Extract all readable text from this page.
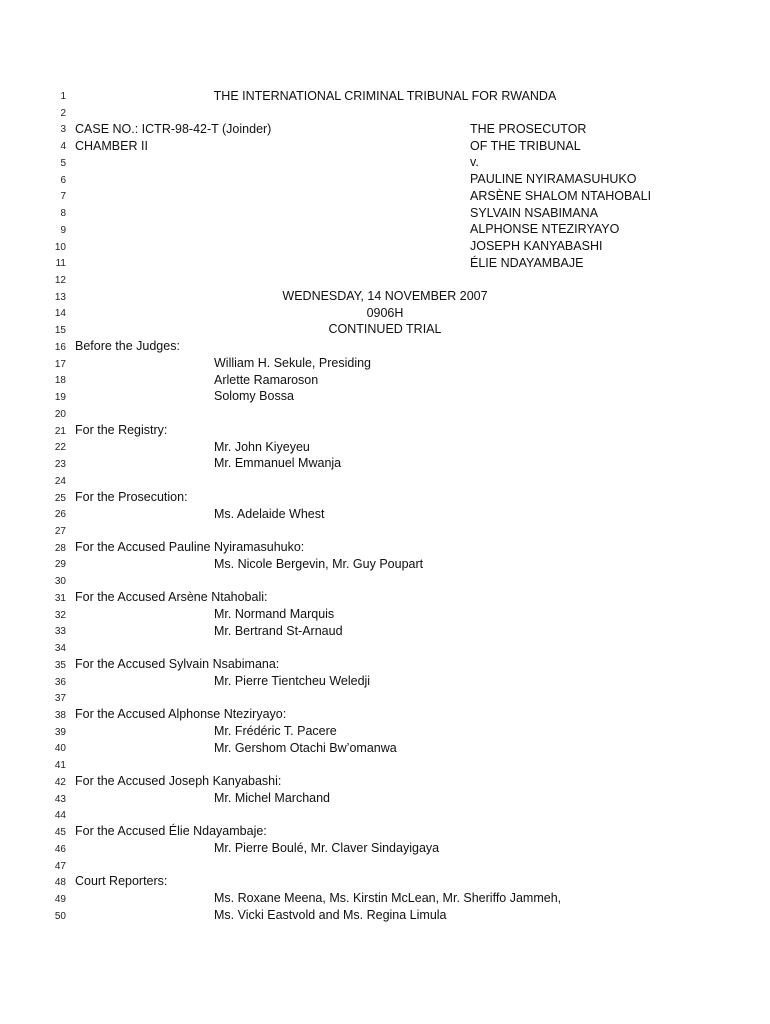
1
2
3
4
5
6
7
8
9
10
11
12
13
14
15
16
17
18
19
20
21
22
23
24
25
26
27
28
29
30
31
32
33
34
35
36
37
38
39
40
41
42
43
44
45
46
47
48
49
50
THE INTERNATIONAL CRIMINAL TRIBUNAL FOR RWANDA
CASE NO.: ICTR-98-42-T (Joinder)
CHAMBER II
THE PROSECUTOR
OF THE TRIBUNAL
v.
PAULINE NYIRAMASUHUKO
ARSÈNE SHALOM NTAHOBALI
SYLVAIN NSABIMANA
ALPHONSE NTEZIRYAYO
JOSEPH KANYABASHI
ÉLIE NDAYAMBAJE
WEDNESDAY, 14 NOVEMBER 2007
0906H
CONTINUED TRIAL
Before the Judges:
William H. Sekule, Presiding
Arlette Ramaroson
Solomy Bossa
For the Registry:
Mr. John Kiyeyeu
Mr. Emmanuel Mwanja
For the Prosecution:
Ms. Adelaide Whest
For the Accused Pauline Nyiramasuhuko:
Ms. Nicole Bergevin, Mr. Guy Poupart
For the Accused Arsène Ntahobali:
Mr. Normand Marquis
Mr. Bertrand St-Arnaud
For the Accused Sylvain Nsabimana:
Mr. Pierre Tientcheu Weledji
For the Accused Alphonse Nteziryayo:
Mr. Frédéric T. Pacere
Mr. Gershom Otachi Bw’omanwa
For the Accused Joseph Kanyabashi:
Mr. Michel Marchand
For the Accused Élie Ndayambaje:
Mr. Pierre Boulé, Mr. Claver Sindayigaya
Court Reporters:
Ms. Roxane Meena, Ms. Kirstin McLean, Mr. Sheriffo Jammeh,
Ms. Vicki Eastvold and Ms. Regina Limula
